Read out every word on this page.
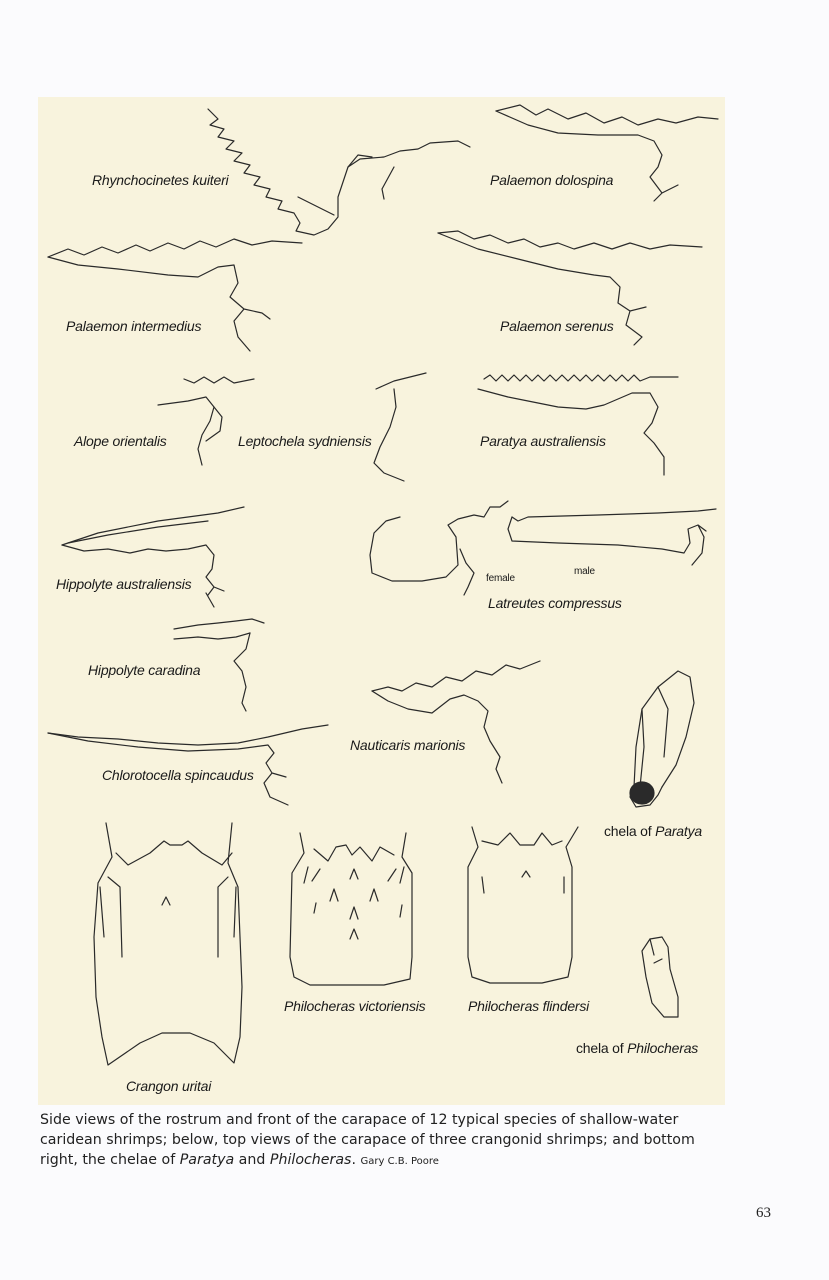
Rhynchocinetes kuiteri	Palaemon dolospina
Palaemon intermedius	Palaemon serenus
Alope orientalis	Leptochela sydniensis	Paratya australiensis
Hippolyte australiensis	female
male
Latreutes compressus
Hippolyte caradina
Nauticaris marionis
Chlorotocella spincaudus
chela of Paratya
Crangon uritai
Philocheras victoriensis	Philocheras flindersi
chela of Philocheras
Side views of the rostrum and front of the carapace of 12 typical species of shallow-water caridean shrimps; below, top views of the carapace of three crangonid shrimps; and bottom right, the chelae of Paratya and Philocheras. Gary C.B. Poore
63
